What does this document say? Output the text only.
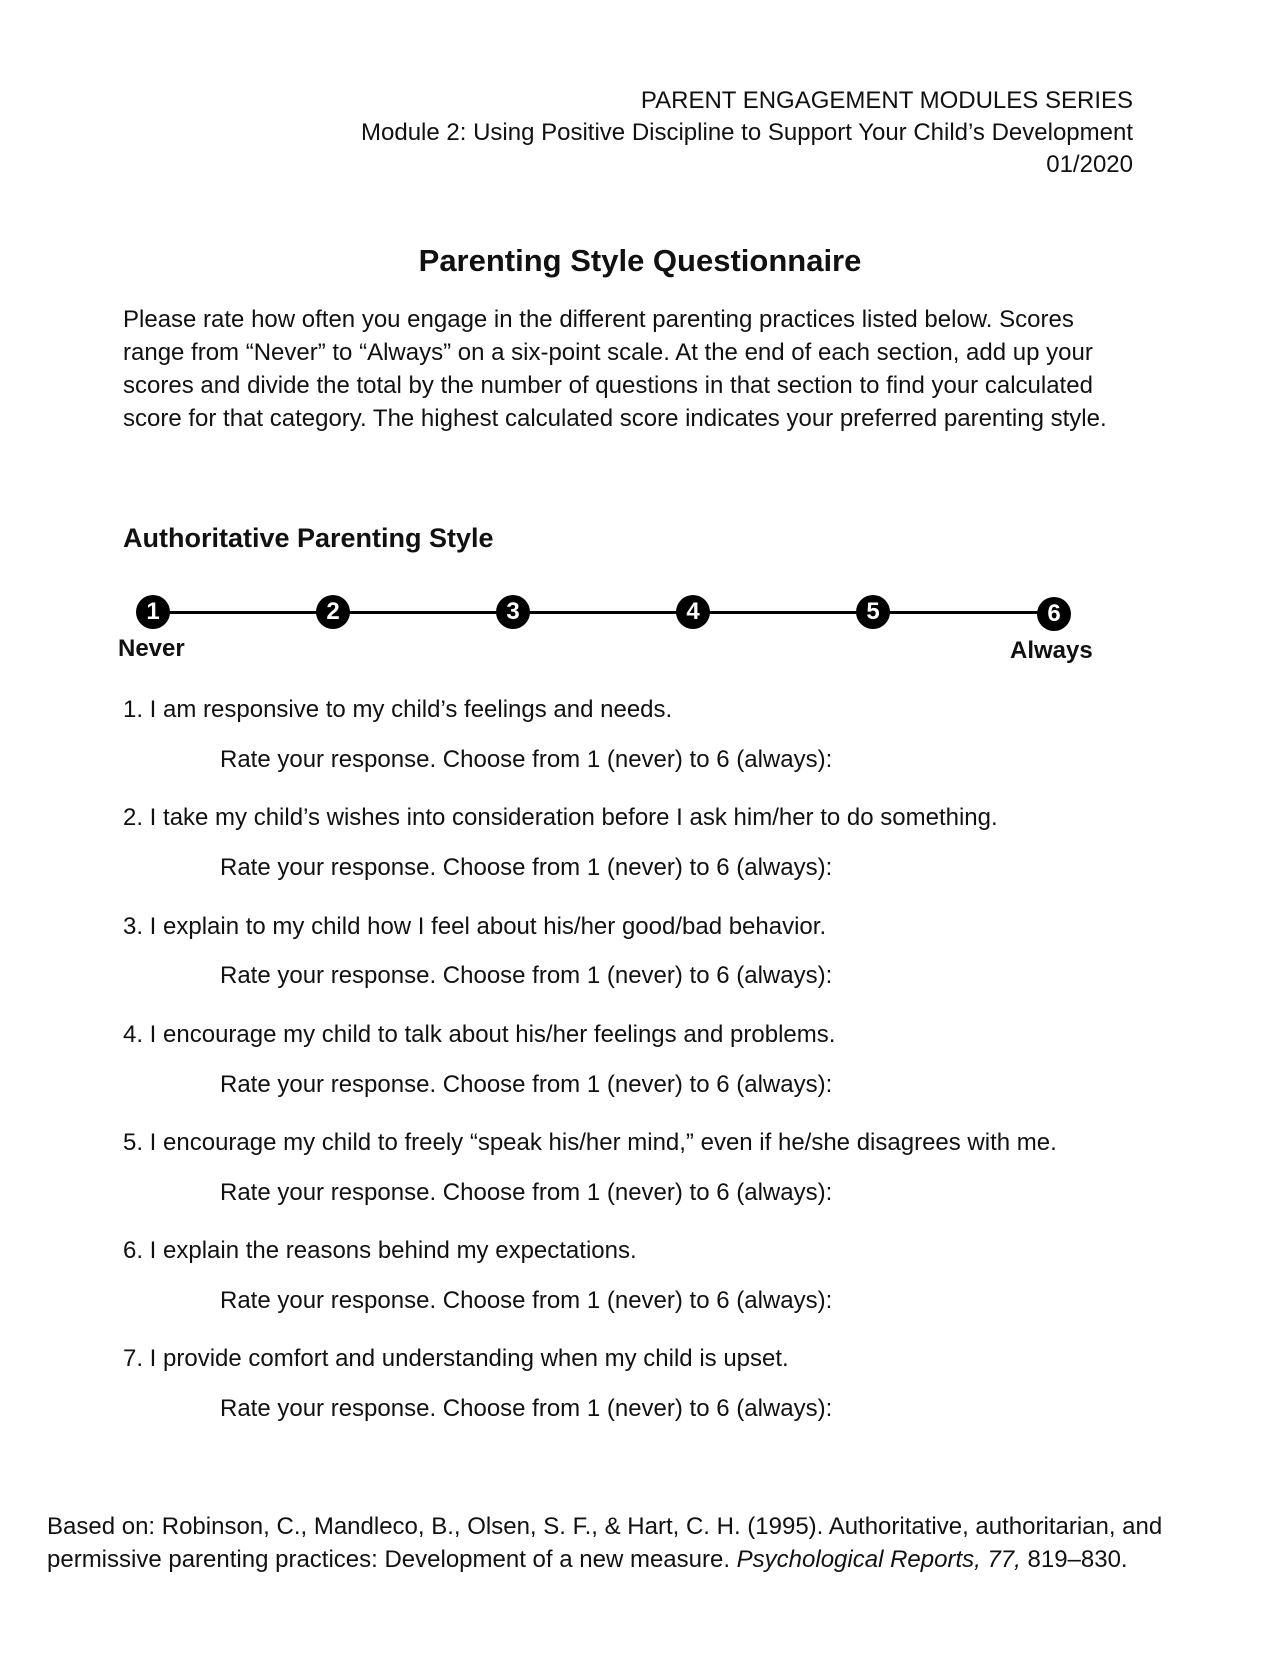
PARENT ENGAGEMENT MODULES SERIES
Module 2: Using Positive Discipline to Support Your Child’s Development
01/2020
Parenting Style Questionnaire
Please rate how often you engage in the different parenting practices listed below. Scores range from “Never” to “Always” on a six-point scale. At the end of each section, add up your scores and divide the total by the number of questions in that section to find your calculated score for that category. The highest calculated score indicates your preferred parenting style.
Authoritative Parenting Style
1	2	3	4	5	6
Never	Always
1. I am responsive to my child’s feelings and needs.
Rate your response. Choose from 1 (never) to 6 (always):
2. I take my child’s wishes into consideration before I ask him/her to do something.
Rate your response. Choose from 1 (never) to 6 (always):
3. I explain to my child how I feel about his/her good/bad behavior.
Rate your response. Choose from 1 (never) to 6 (always):
4. I encourage my child to talk about his/her feelings and problems.
Rate your response. Choose from 1 (never) to 6 (always):
5. I encourage my child to freely “speak his/her mind,” even if he/she disagrees with me.
Rate your response. Choose from 1 (never) to 6 (always):
6. I explain the reasons behind my expectations.
Rate your response. Choose from 1 (never) to 6 (always):
7. I provide comfort and understanding when my child is upset.
Rate your response. Choose from 1 (never) to 6 (always):
Based on: Robinson, C., Mandleco, B., Olsen, S. F., & Hart, C. H. (1995). Authoritative, authoritarian, and
permissive parenting practices: Development of a new measure. Psychological Reports, 77, 819–830.
